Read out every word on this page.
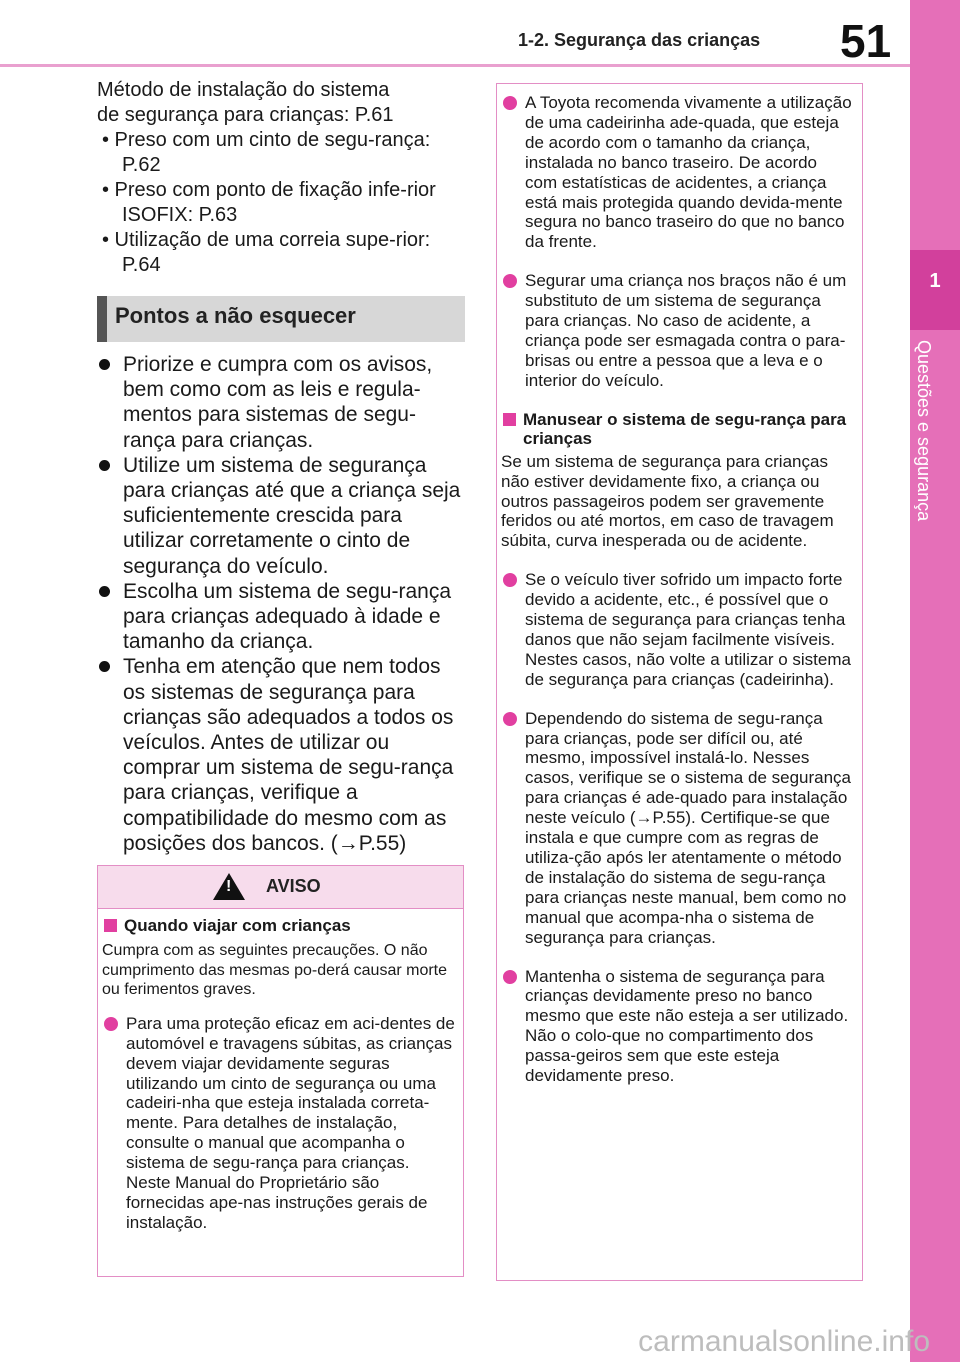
1-2. Segurança das crianças 51
1
Questões e segurança
Método de instalação do sistema
de segurança para crianças: P.61
• Preso com um cinto de segu-rança: P.62
• Preso com ponto de fixação infe-rior ISOFIX: P.63
• Utilização de uma correia supe-rior: P.64
Pontos a não esquecer
Priorize e cumpra com os avisos, bem como com as leis e regula-mentos para sistemas de segu-rança para crianças.
Utilize um sistema de segurança para crianças até que a criança seja suficientemente crescida para utilizar corretamente o cinto de segurança do veículo.
Escolha um sistema de segu-rança para crianças adequado à idade e tamanho da criança.
Tenha em atenção que nem todos os sistemas de segurança para crianças são adequados a todos os veículos. Antes de utilizar ou comprar um sistema de segu-rança para crianças, verifique a compatibilidade do mesmo com as posições dos bancos. (→P.55)
!
AVISO
Quando viajar com crianças
Cumpra com as seguintes precauções. O não cumprimento das mesmas po-derá causar morte ou ferimentos graves.
Para uma proteção eficaz em aci-dentes de automóvel e travagens súbitas, as crianças devem viajar devidamente seguras utilizando um cinto de segurança ou uma cadeiri-nha que esteja instalada correta-mente. Para detalhes de instalação, consulte o manual que acompanha o sistema de segu-rança para crianças. Neste Manual do Proprietário são fornecidas ape-nas instruções gerais de instalação.
A Toyota recomenda vivamente a utilização de uma cadeirinha ade-quada, que esteja de acordo com o tamanho da criança, instalada no banco traseiro. De acordo com estatísticas de acidentes, a criança está mais protegida quando devida-mente segura no banco traseiro do que no banco da frente.
Segurar uma criança nos braços não é um substituto de um sistema de segurança para crianças. No caso de acidente, a criança pode ser esmagada contra o para-brisas ou entre a pessoa que a leva e o interior do veículo.
Manusear o sistema de segu-rança para crianças
Se um sistema de segurança para crianças não estiver devidamente fixo, a criança ou outros passageiros podem ser gravemente feridos ou até mortos, em caso de travagem súbita, curva inesperada ou de acidente.
Se o veículo tiver sofrido um impacto forte devido a acidente, etc., é possível que o sistema de segurança para crianças tenha danos que não sejam facilmente visíveis. Nestes casos, não volte a utilizar o sistema de segurança para crianças (cadeirinha).
Dependendo do sistema de segu-rança para crianças, pode ser difícil ou, até mesmo, impossível instalá-lo. Nesses casos, verifique se o sistema de segurança para crianças é ade-quado para instalação neste veículo (→P.55). Certifique-se que instala e que cumpre com as regras de utiliza-ção após ler atentamente o método de instalação do sistema de segu-rança para crianças neste manual, bem como no manual que acompa-nha o sistema de segurança para crianças.
Mantenha o sistema de segurança para crianças devidamente preso no banco mesmo que este não esteja a ser utilizado. Não o colo-que no compartimento dos passa-geiros sem que este esteja devidamente preso.
carmanualsonline.info
